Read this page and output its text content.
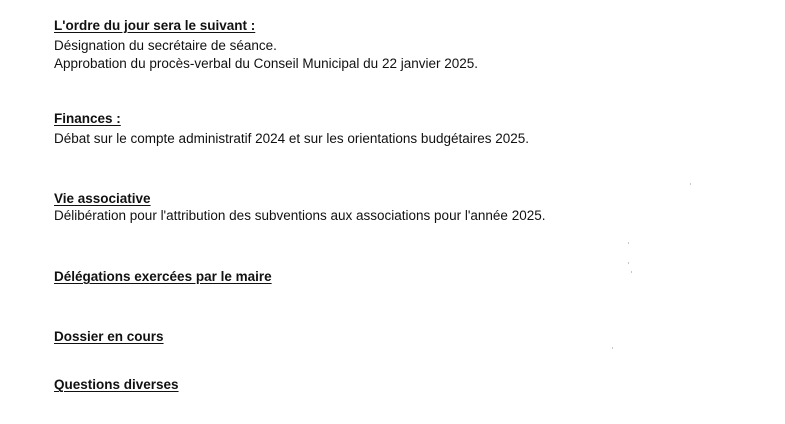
L'ordre du jour sera le suivant :
Désignation du secrétaire de séance.
Approbation du procès-verbal du Conseil Municipal du 22 janvier 2025.
Finances :
Débat sur le compte administratif 2024 et sur les orientations budgétaires 2025.
Vie associative
Délibération pour l'attribution des subventions aux associations pour l'année 2025.
Délégations exercées par le maire
Dossier en cours
Questions diverses
